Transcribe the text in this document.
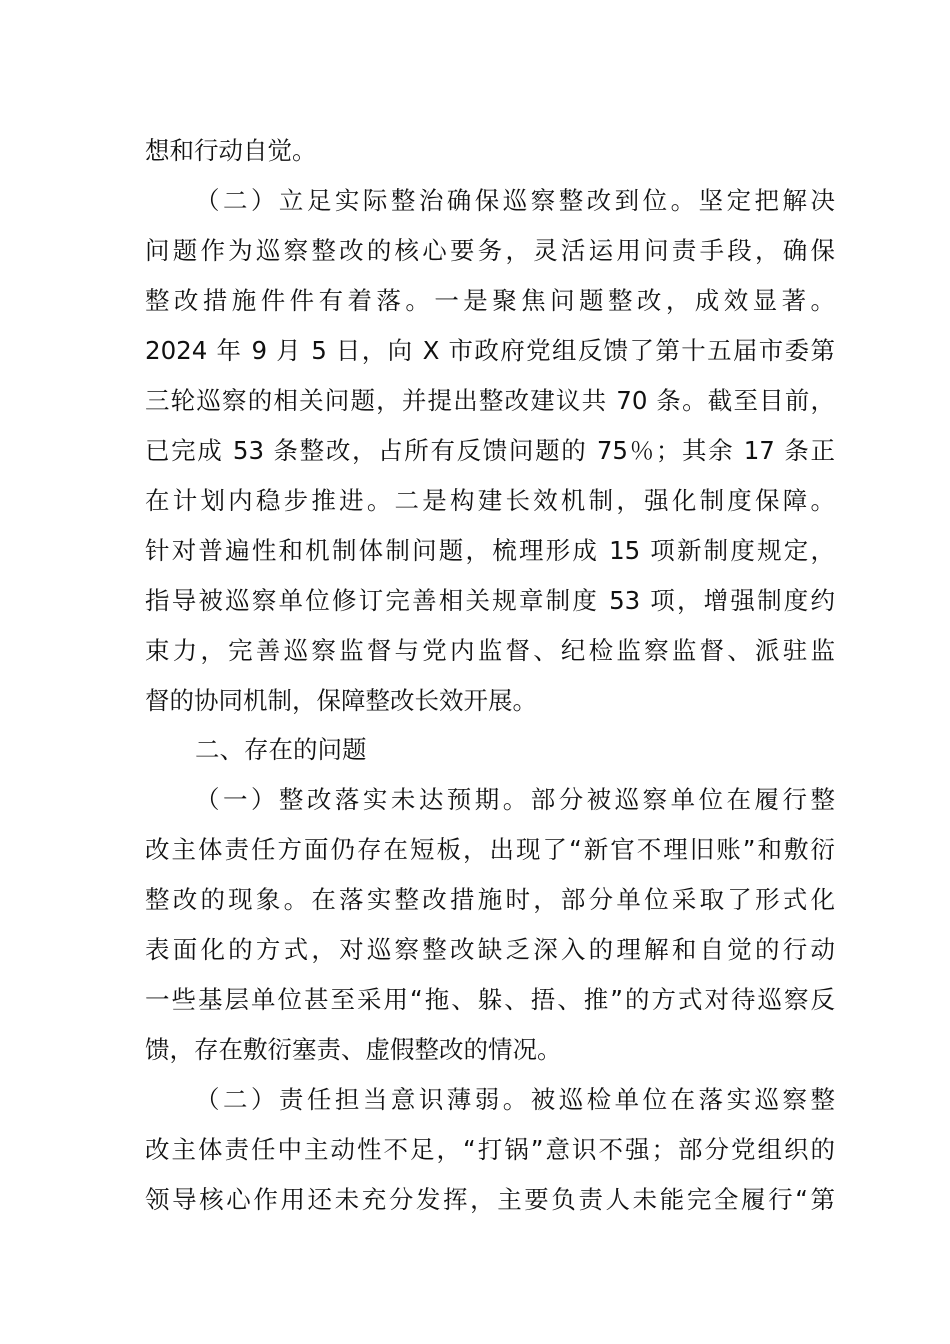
想和行动自觉。
（二）立足实际整治确保巡察整改到位。坚定把解决
问题作为巡察整改的核心要务，灵活运用问责手段，确保
整改措施件件有着落。一是聚焦问题整改，成效显著。
2024 年 9 月 5 日，向 X 市政府党组反馈了第十五届市委第
三轮巡察的相关问题，并提出整改建议共 70 条。截至目前，
已完成 53 条整改，占所有反馈问题的 75％；其余 17 条正
在计划内稳步推进。二是构建长效机制，强化制度保障。
针对普遍性和机制体制问题，梳理形成 15 项新制度规定，
指导被巡察单位修订完善相关规章制度 53 项，增强制度约
束力，完善巡察监督与党内监督、纪检监察监督、派驻监
督的协同机制，保障整改长效开展。
二、存在的问题
（一）整改落实未达预期。部分被巡察单位在履行整
改主体责任方面仍存在短板，出现了“新官不理旧账”和敷衍
整改的现象。在落实整改措施时，部分单位采取了形式化
表面化的方式，对巡察整改缺乏深入的理解和自觉的行动
一些基层单位甚至采用“拖、躲、捂、推”的方式对待巡察反
馈，存在敷衍塞责、虚假整改的情况。
（二）责任担当意识薄弱。被巡检单位在落实巡察整
改主体责任中主动性不足，“打锅”意识不强；部分党组织的
领导核心作用还未充分发挥，主要负责人未能完全履行“第
